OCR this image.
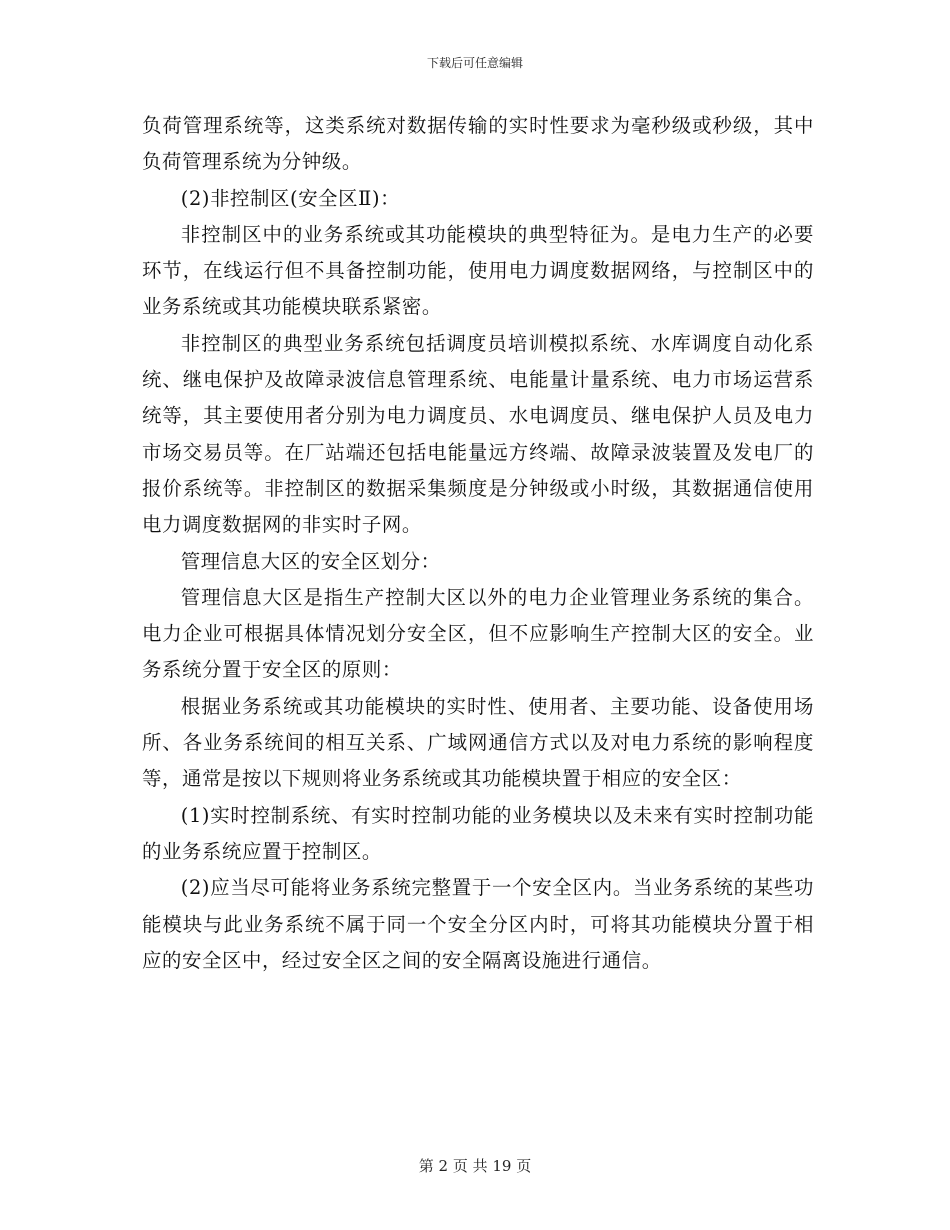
下载后可任意编辑

负荷管理系统等，这类系统对数据传输的实时性要求为毫秒级或秒级，其中负荷管理系统为分钟级。

(2)非控制区(安全区Ⅱ)：

非控制区中的业务系统或其功能模块的典型特征为。是电力生产的必要环节，在线运行但不具备控制功能，使用电力调度数据网络，与控制区中的业务系统或其功能模块联系紧密。

非控制区的典型业务系统包括调度员培训模拟系统、水库调度自动化系统、继电保护及故障录波信息管理系统、电能量计量系统、电力市场运营系统等，其主要使用者分别为电力调度员、水电调度员、继电保护人员及电力市场交易员等。在厂站端还包括电能量远方终端、故障录波装置及发电厂的报价系统等。非控制区的数据采集频度是分钟级或小时级，其数据通信使用电力调度数据网的非实时子网。

管理信息大区的安全区划分：

管理信息大区是指生产控制大区以外的电力企业管理业务系统的集合。电力企业可根据具体情况划分安全区，但不应影响生产控制大区的安全。业务系统分置于安全区的原则：

根据业务系统或其功能模块的实时性、使用者、主要功能、设备使用场所、各业务系统间的相互关系、广域网通信方式以及对电力系统的影响程度等，通常是按以下规则将业务系统或其功能模块置于相应的安全区：

(1)实时控制系统、有实时控制功能的业务模块以及未来有实时控制功能的业务系统应置于控制区。

(2)应当尽可能将业务系统完整置于一个安全区内。当业务系统的某些功能模块与此业务系统不属于同一个安全分区内时，可将其功能模块分置于相应的安全区中，经过安全区之间的安全隔离设施进行通信。

第 2 页 共 19 页
